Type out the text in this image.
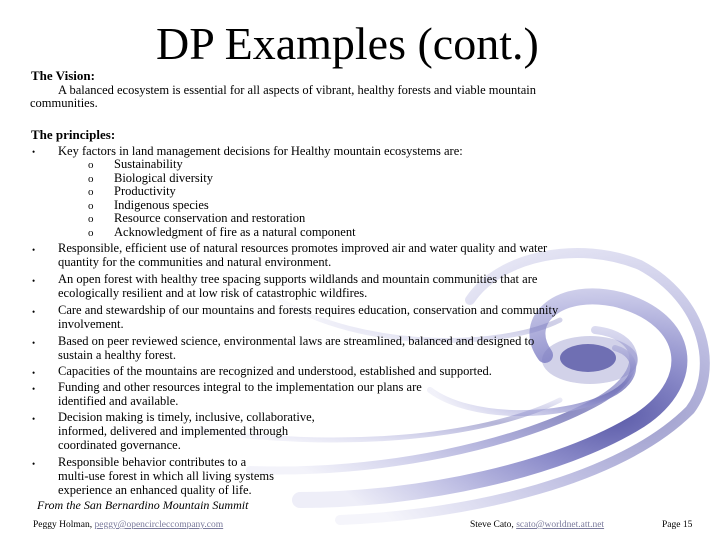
DP Examples (cont.)
The Vision:
A balanced ecosystem is essential for all aspects of vibrant, healthy forests and viable mountain
communities.
The principles:
• Key factors in land management decisions for Healthy mountain ecosystems are:
o Sustainability
o Biological diversity
o Productivity
o Indigenous species
o Resource conservation and restoration
o Acknowledgment of fire as a natural component
• Responsible, efficient use of natural resources promotes improved air and water quality and water
quantity for the communities and natural environment.
• An open forest with healthy tree spacing supports wildlands and mountain communities that are
ecologically resilient and at low risk of catastrophic wildfires.
• Care and stewardship of our mountains and forests requires education, conservation and community
involvement.
• Based on peer reviewed science, environmental laws are streamlined, balanced and designed to
sustain a healthy forest.
• Capacities of the mountains are recognized and understood, established and supported.
• Funding and other resources integral to the implementation our plans are
identified and available.
• Decision making is timely, inclusive, collaborative,
informed, delivered and implemented through
coordinated governance.
• Responsible behavior contributes to a
multi-use forest in which all living systems
experience an enhanced quality of life.
From the San Bernardino Mountain Summit
Peggy Holman, peggy@opencircleccompany.com	Steve Cato, scato@worldnet.att.net	Page 15
